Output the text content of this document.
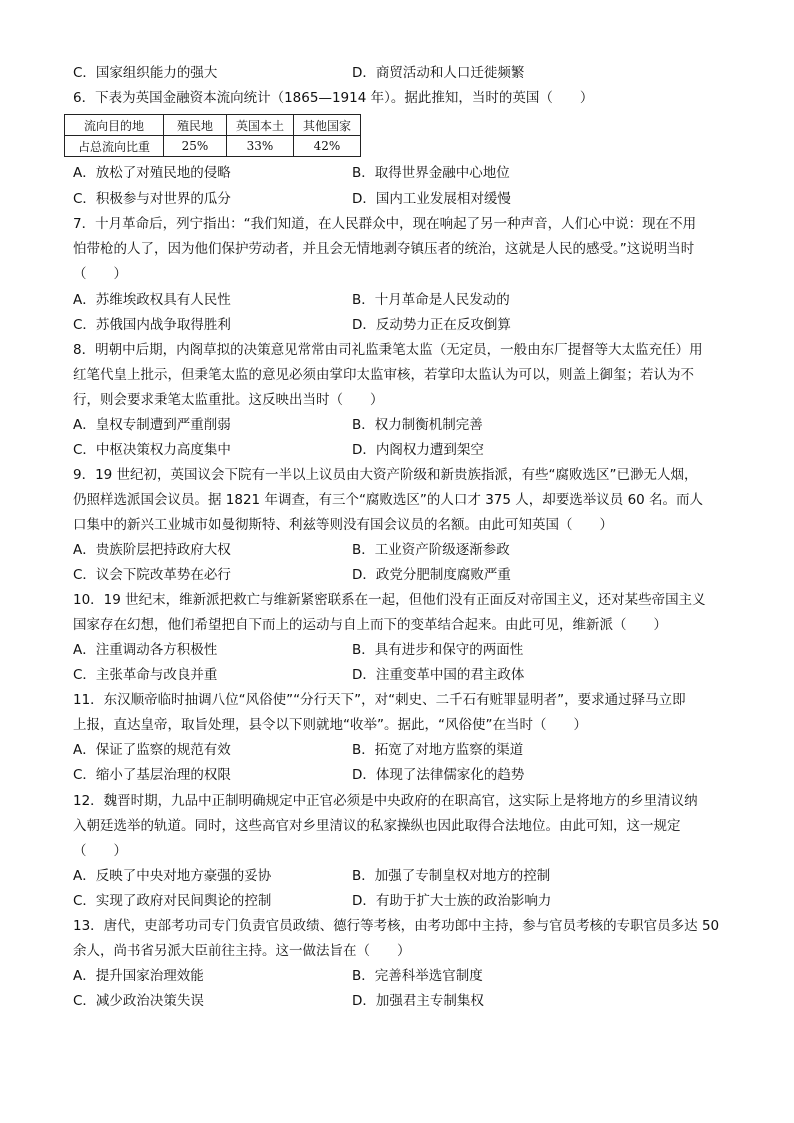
C．国家组织能力的强大	D．商贸活动和人口迁徙频繁
6．下表为英国金融资本流向统计（1865—1914 年）。据此推知，当时的英国（　　）
流向目的地	殖民地	英国本土	其他国家
占总流向比重	25%	33%	42%
A．放松了对殖民地的侵略	B．取得世界金融中心地位
C．积极参与对世界的瓜分	D．国内工业发展相对缓慢
7．十月革命后，列宁指出：“我们知道，在人民群众中，现在响起了另一种声音，人们心中说：现在不用
怕带枪的人了，因为他们保护劳动者，并且会无情地剥夺镇压者的统治，这就是人民的感受。”这说明当时
（　　）
A．苏维埃政权具有人民性	B．十月革命是人民发动的
C．苏俄国内战争取得胜利	D．反动势力正在反攻倒算
8．明朝中后期，内阁草拟的决策意见常常由司礼监秉笔太监（无定员，一般由东厂提督等大太监充任）用
红笔代皇上批示，但秉笔太监的意见必须由掌印太监审核，若掌印太监认为可以，则盖上御玺；若认为不
行，则会要求秉笔太监重批。这反映出当时（　　）
A．皇权专制遭到严重削弱	B．权力制衡机制完善
C．中枢决策权力高度集中	D．内阁权力遭到架空
9．19 世纪初，英国议会下院有一半以上议员由大资产阶级和新贵族指派，有些“腐败选区”已渺无人烟，
仍照样选派国会议员。据 1821 年调查，有三个“腐败选区”的人口才 375 人，却要选举议员 60 名。而人
口集中的新兴工业城市如曼彻斯特、利兹等则没有国会议员的名额。由此可知英国（　　）
A．贵族阶层把持政府大权	B．工业资产阶级逐渐参政
C．议会下院改革势在必行	D．政党分肥制度腐败严重
10．19 世纪末，维新派把救亡与维新紧密联系在一起，但他们没有正面反对帝国主义，还对某些帝国主义
国家存在幻想，他们希望把自下而上的运动与自上而下的变革结合起来。由此可见，维新派（　　）
A．注重调动各方积极性	B．具有进步和保守的两面性
C．主张革命与改良并重	D．注重变革中国的君主政体
11．东汉顺帝临时抽调八位“风俗使”“分行天下”，对“刺史、二千石有赃罪显明者”，要求通过驿马立即
上报，直达皇帝，取旨处理，县令以下则就地“收举”。据此，“风俗使”在当时（　　）
A．保证了监察的规范有效	B．拓宽了对地方监察的渠道
C．缩小了基层治理的权限	D．体现了法律儒家化的趋势
12．魏晋时期，九品中正制明确规定中正官必须是中央政府的在职高官，这实际上是将地方的乡里清议纳
入朝廷选举的轨道。同时，这些高官对乡里清议的私家操纵也因此取得合法地位。由此可知，这一规定
（　　）
A．反映了中央对地方豪强的妥协	B．加强了专制皇权对地方的控制
C．实现了政府对民间舆论的控制	D．有助于扩大士族的政治影响力
13．唐代，吏部考功司专门负责官员政绩、德行等考核，由考功郎中主持，参与官员考核的专职官员多达 50
余人，尚书省另派大臣前往主持。这一做法旨在（　　）
A．提升国家治理效能	B．完善科举选官制度
C．减少政治决策失误	D．加强君主专制集权
